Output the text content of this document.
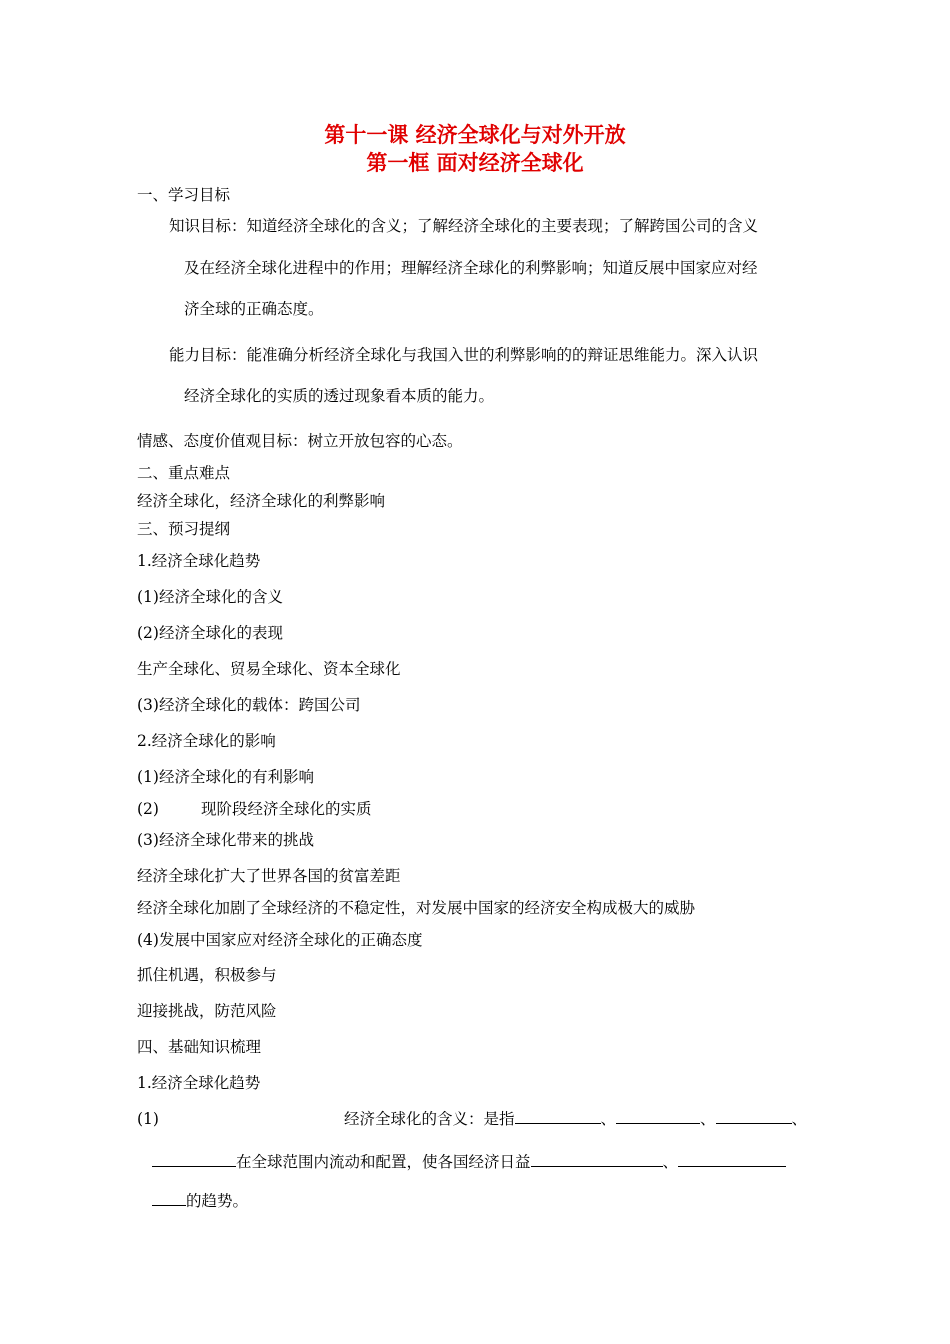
第十一课 经济全球化与对外开放
第一框 面对经济全球化
一、学习目标
知识目标：知道经济全球化的含义；了解经济全球化的主要表现；了解跨国公司的含义
及在经济全球化进程中的作用；理解经济全球化的利弊影响；知道反展中国家应对经
济全球的正确态度。
能力目标：能准确分析经济全球化与我国入世的利弊影响的的辩证思维能力。深入认识
经济全球化的实质的透过现象看本质的能力。
情感、态度价值观目标：树立开放包容的心态。
二、重点难点
经济全球化，经济全球化的利弊影响
三、预习提纲
1.经济全球化趋势
(1)经济全球化的含义
(2)经济全球化的表现
生产全球化、贸易全球化、资本全球化
(3)经济全球化的载体：跨国公司
2.经济全球化的影响
(1)经济全球化的有利影响
(2)	现阶段经济全球化的实质
(3)经济全球化带来的挑战
经济全球化扩大了世界各国的贫富差距
经济全球化加剧了全球经济的不稳定性，对发展中国家的经济安全构成极大的威胁
(4)发展中国家应对经济全球化的正确态度
抓住机遇，积极参与
迎接挑战，防范风险
四、基础知识梳理
1.经济全球化趋势
(1)	经济全球化的含义：是指	、	、	、
在全球范围内流动和配置，使各国经济日益	、
的趋势。
